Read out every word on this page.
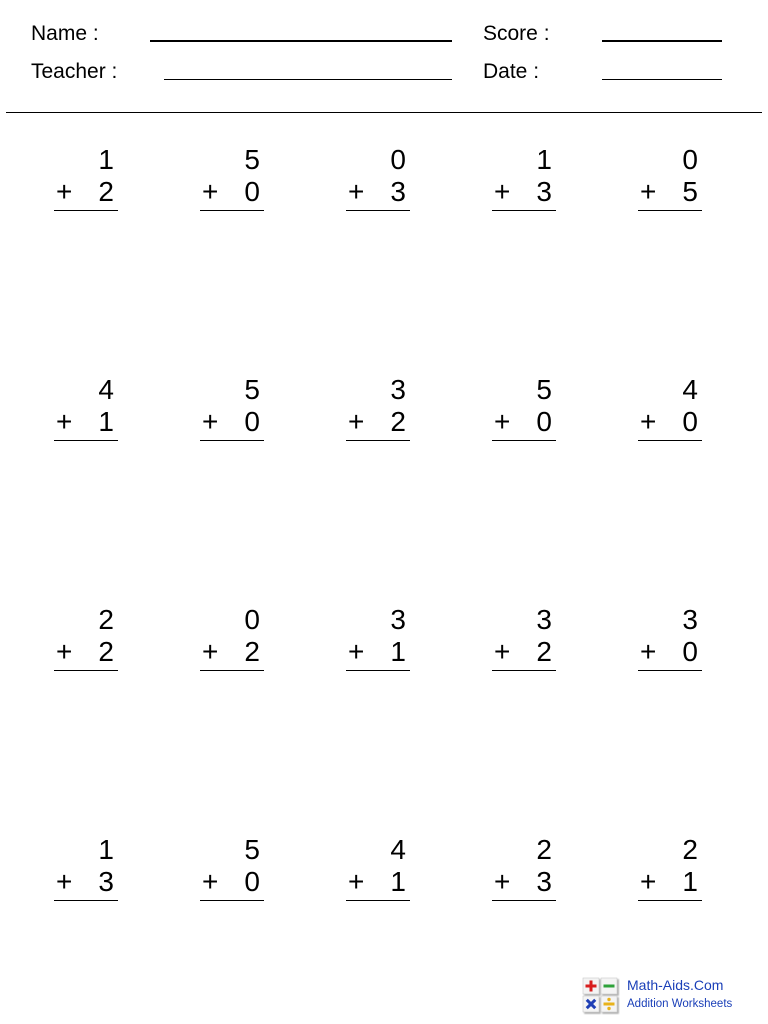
Name :
Teacher :
Score :
Date :
1
+ 2
5
+ 0
0
+ 3
1
+ 3
0
+ 5
4
+ 1
5
+ 0
3
+ 2
5
+ 0
4
+ 0
2
+ 2
0
+ 2
3
+ 1
3
+ 2
3
+ 0
1
+ 3
5
+ 0
4
+ 1
2
+ 3
2
+ 1
Math-Aids.Com
Addition Worksheets
